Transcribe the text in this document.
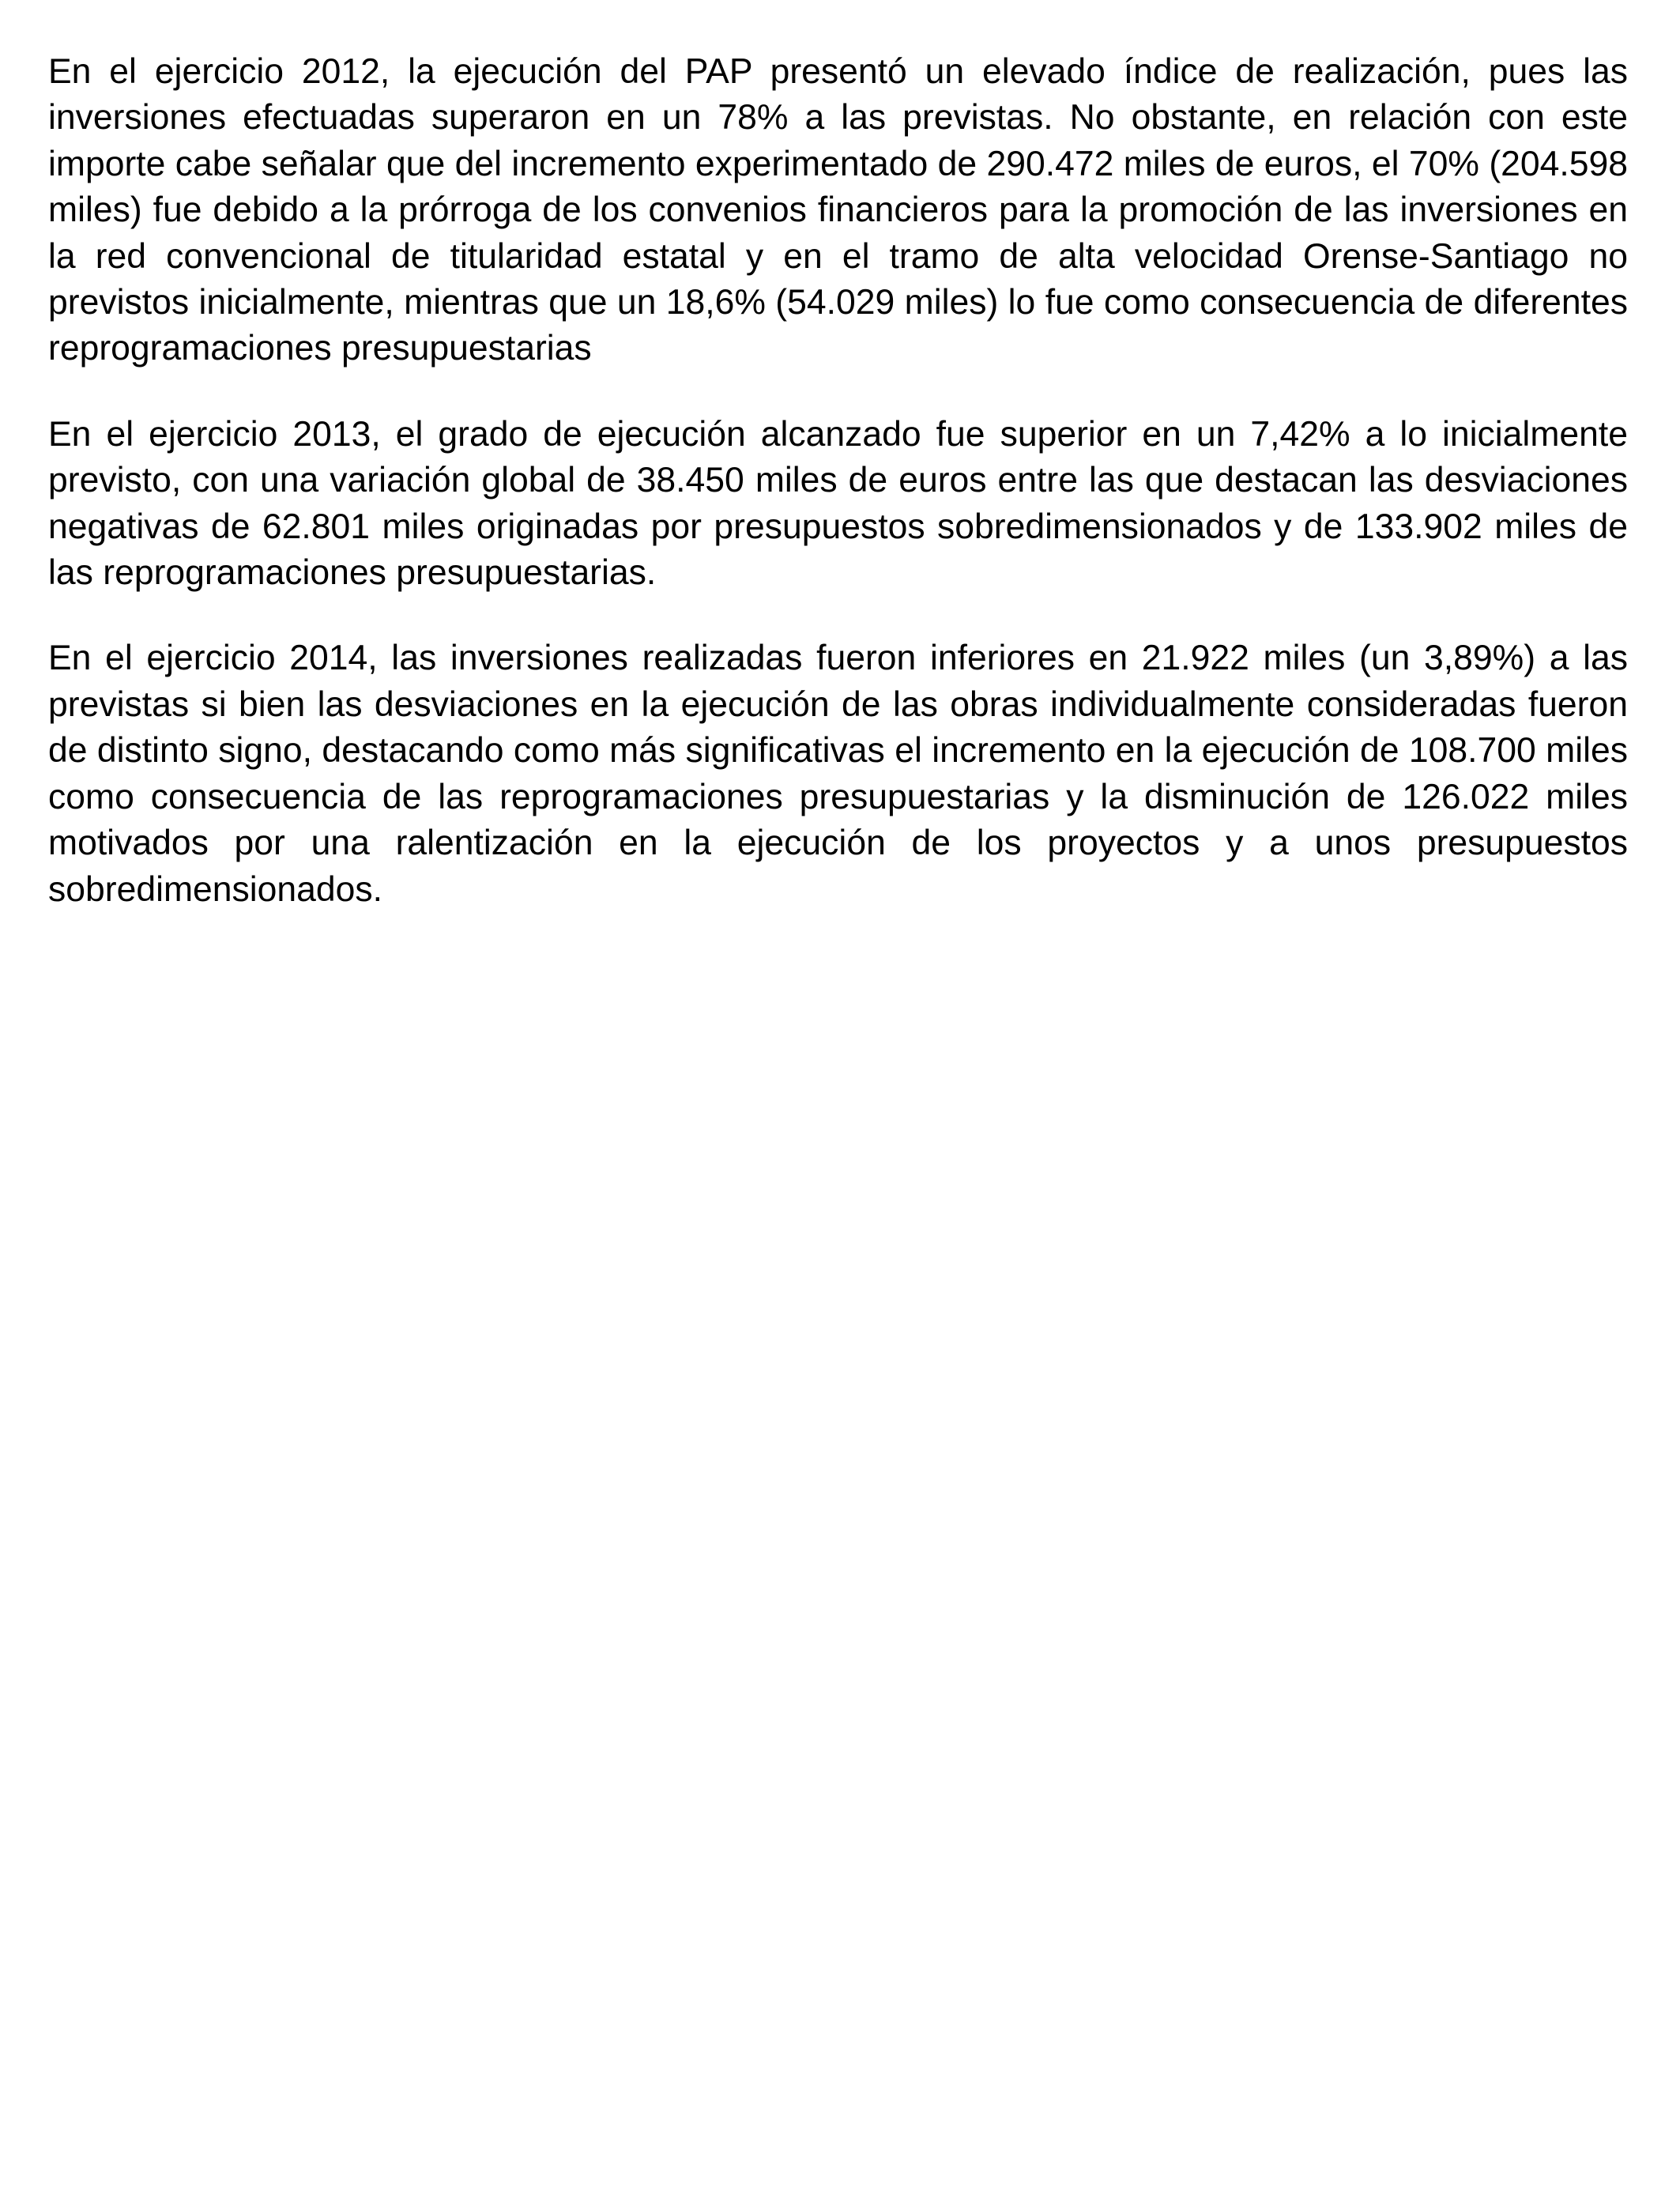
En el ejercicio 2012, la ejecución del PAP presentó un elevado índice de realización, pues las inversiones efectuadas superaron en un 78% a las previstas. No obstante, en relación con este importe cabe señalar que del incremento experimentado de 290.472 miles de euros, el 70% (204.598 miles) fue debido a la prórroga de los convenios financieros para la promoción de las inversiones en la red convencional de titularidad estatal y en el tramo de alta velocidad Orense-Santiago no previstos inicialmente, mientras que un 18,6% (54.029 miles) lo fue como consecuencia de diferentes reprogramaciones presupuestarias

En el ejercicio 2013, el grado de ejecución alcanzado fue superior en un 7,42% a lo inicialmente previsto, con una variación global de 38.450 miles de euros entre las que destacan las desviaciones negativas de 62.801 miles originadas por presupuestos sobredimensionados y de 133.902 miles de las reprogramaciones presupuestarias.

En el ejercicio 2014, las inversiones realizadas fueron inferiores en 21.922 miles (un 3,89%) a las previstas si bien las desviaciones en la ejecución de las obras individualmente consideradas fueron de distinto signo, destacando como más significativas el incremento en la ejecución de 108.700 miles como consecuencia de las reprogramaciones presupuestarias y la disminución de 126.022 miles motivados por una ralentización en la ejecución de los proyectos y a unos presupuestos sobredimensionados.
